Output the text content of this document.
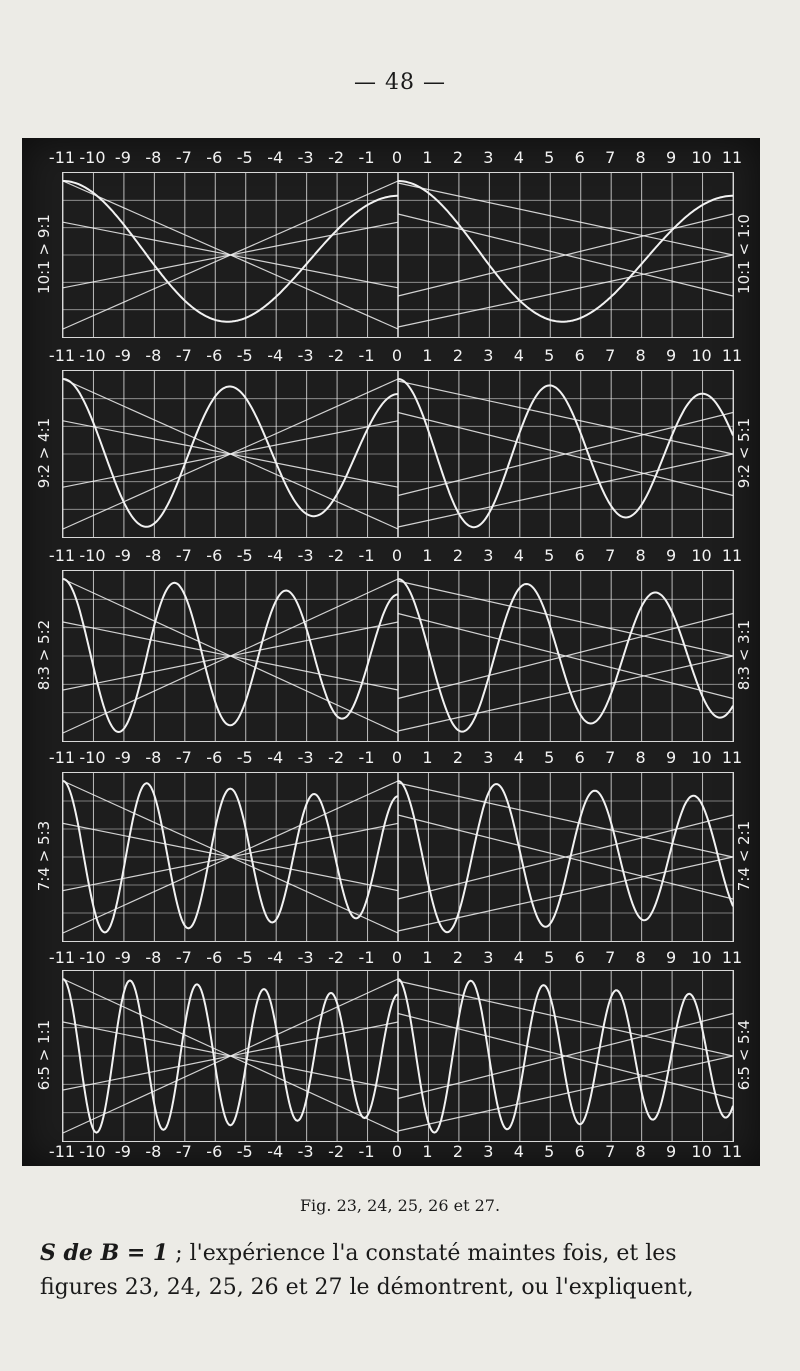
— 48 —
-11 -10 -9 -8 -7 -6 -5 -4 -3 -2 -1 0 1 2 3 4 5 6 7 8 9 10 11
-11 -10 -9 -8 -7 -6 -5 -4 -3 -2 -1 0 1 2 3 4 5 6 7 8 9 10 11
-11 -10 -9 -8 -7 -6 -5 -4 -3 -2 -1 0 1 2 3 4 5 6 7 8 9 10 11
-11 -10 -9 -8 -7 -6 -5 -4 -3 -2 -1 0 1 2 3 4 5 6 7 8 9 10 11
-11 -10 -9 -8 -7 -6 -5 -4 -3 -2 -1 0 1 2 3 4 5 6 7 8 9 10 11
-11 -10 -9 -8 -7 -6 -5 -4 -3 -2 -1 0 1 2 3 4 5 6 7 8 9 10 11
10:1 > 9:1	10:1 < 1:0
9:2 > 4:1	9:2 < 5:1
8:3 > 5:2	8:3 < 3:1
7:4 > 5:3	7:4 < 2:1
6:5 > 1:1	6:5 < 5:4
Fig. 23, 24, 25, 26 et 27.
S de B = 1 ; l'expérience l'a constaté maintes fois, et les
figures 23, 24, 25, 26 et 27 le démontrent, ou l'expliquent,
